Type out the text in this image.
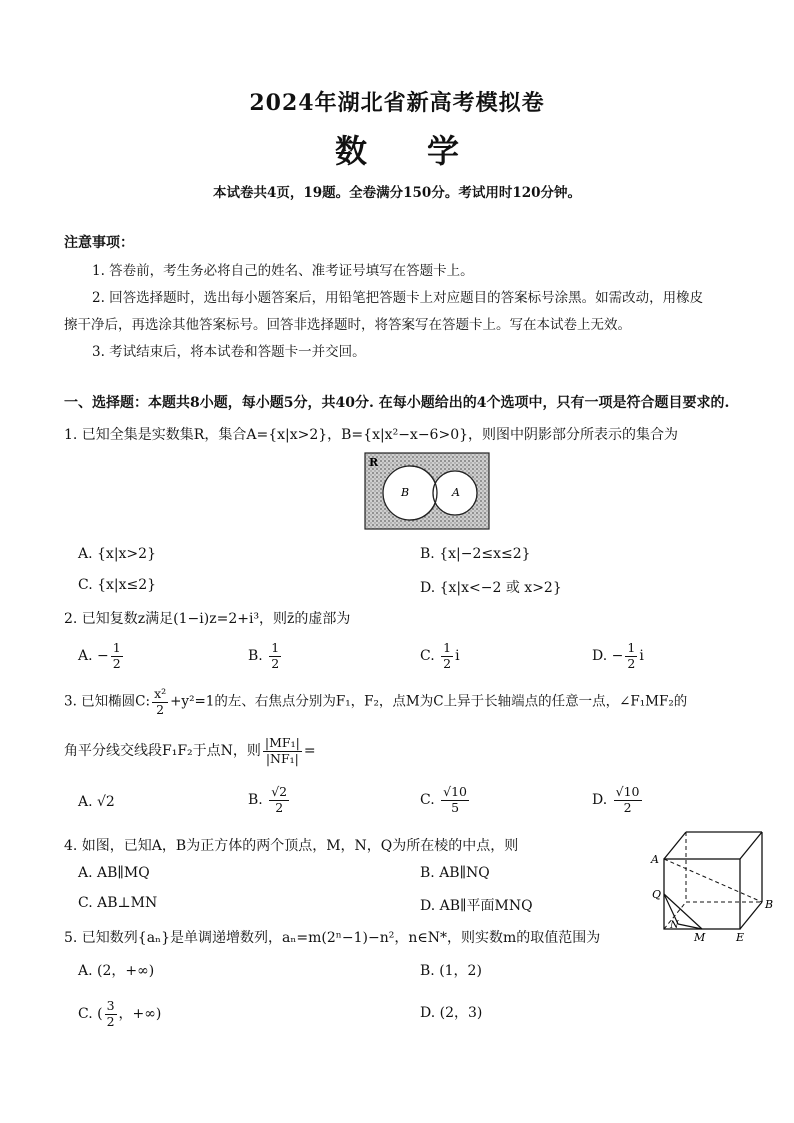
2024年湖北省新高考模拟卷
数学
本试卷共4页，19题。全卷满分150分。考试用时120分钟。
注意事项：
1. 答卷前，考生务必将自己的姓名、准考证号填写在答题卡上。
2. 回答选择题时，选出每小题答案后，用铅笔把答题卡上对应题目的答案标号涂黑。如需改动，用橡皮
擦干净后，再选涂其他答案标号。回答非选择题时，将答案写在答题卡上。写在本试卷上无效。
3. 考试结束后，将本试卷和答题卡一并交回。
一、选择题：本题共8小题，每小题5分，共40分. 在每小题给出的4个选项中，只有一项是符合题目要求的.
1. 已知全集是实数集R，集合A={x|x>2}，B={x|x²−x−6>0}，则图中阴影部分所表示的集合为
R
B	A
A. {x|x>2}	B. {x|−2≤x≤2}
C. {x|x≤2}	D. {x|x<−2 或 x>2}
2. 已知复数z满足(1−i)z=2+i³，则z̄的虚部为
A. − $\frac{1}{2}$	B. $\frac{1}{2}$	C. $\frac{1}{2}$ i	D. − $\frac{1}{2}$ i
3. 已知椭圆C: $\frac{\text{x²}}{2} +y^2=1$的左、右焦点分别为F₁，F₂，点M为C上异于长轴端点的任意一点，∠F₁MF₂的
角平分线交线段F₁F₂于点N，则 $\frac{\text{|MF₁|}}{\text{|NF₁|}}$ =
A. √2	B. $\frac{√2}{2}$	C. $\frac{√10}{5}$	D. $\frac{√10}{2}$
4. 如图，已知A，B为正方体的两个顶点，M，N，Q为所在棱的中点，则
A. AB∥MQ	B. AB∥NQ
C. AB⊥MN	D. AB∥平面MNQ
A
B
Q
N
M	E
5. 已知数列{aₙ}是单调递增数列，aₙ=m(2ⁿ−1)−n²，n∈N*，则实数m的取值范围为
A. (2，+∞)	B. (1，2)
C. ( $\frac{3}{2}$ ，+∞)	D. (2，3)
